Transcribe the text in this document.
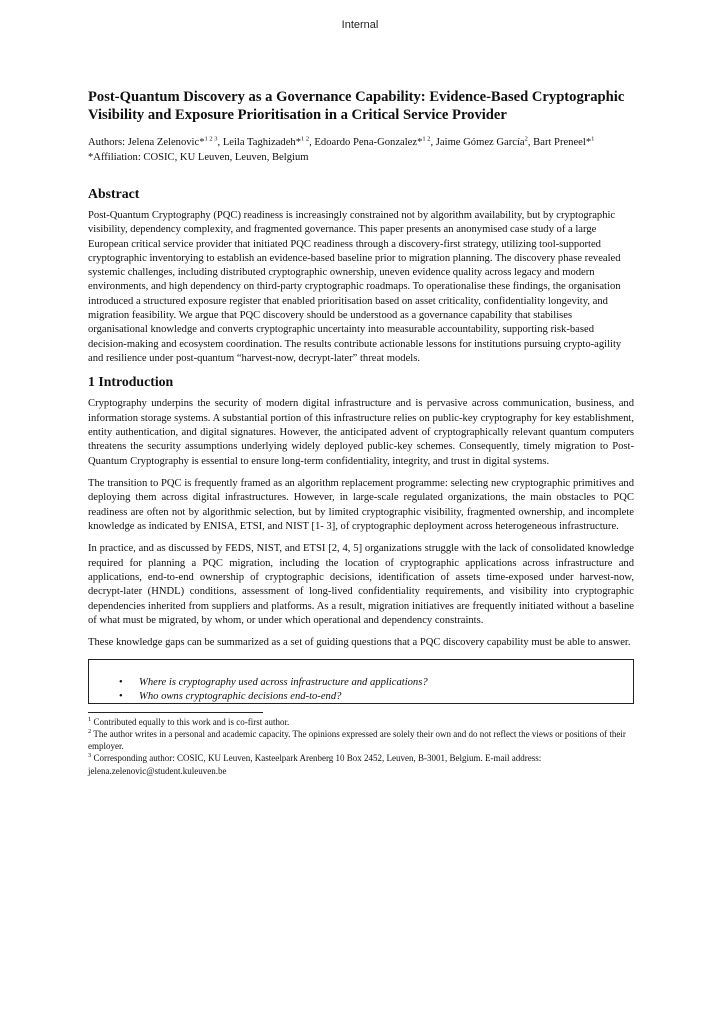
Internal
Post-Quantum Discovery as a Governance Capability: Evidence-Based Cryptographic Visibility and Exposure Prioritisation in a Critical Service Provider
Authors: Jelena Zelenovic*$^{1 2 3}$, Leila Taghizadeh*$^{1 2}$, Edoardo Pena-Gonzalez*$^{1 2}$, Jaime Gómez García$^2$, Bart Preneel*$^1$
*Affiliation: COSIC, KU Leuven, Leuven, Belgium
Abstract

Post-Quantum Cryptography (PQC) readiness is increasingly constrained not by algorithm availability, but by cryptographic visibility, dependency complexity, and fragmented governance. This paper presents an anonymised case study of a large European critical service provider that initiated PQC readiness through a discovery-first strategy, utilizing tool-supported cryptographic inventorying to establish an evidence-based baseline prior to migration planning. The discovery phase revealed systemic challenges, including distributed cryptographic ownership, uneven evidence quality across legacy and modern environments, and high dependency on third-party cryptographic roadmaps. To operationalise these findings, the organisation introduced a structured exposure register that enabled prioritisation based on asset criticality, confidentiality longevity, and migration feasibility. We argue that PQC discovery should be understood as a governance capability that stabilises organisational knowledge and converts cryptographic uncertainty into measurable accountability, supporting risk-based decision-making and ecosystem coordination. The results contribute actionable lessons for institutions pursuing crypto-agility and resilience under post-quantum “harvest-now, decrypt-later” threat models.

1 Introduction

Cryptography underpins the security of modern digital infrastructure and is pervasive across communication, business, and information storage systems. A substantial portion of this infrastructure relies on public-key cryptography for key establishment, entity authentication, and digital signatures. However, the anticipated advent of cryptographically relevant quantum computers threatens the security assumptions underlying widely deployed public-key schemes. Consequently, timely migration to Post-Quantum Cryptography is essential to ensure long-term confidentiality, integrity, and trust in digital systems.

The transition to PQC is frequently framed as an algorithm replacement programme: selecting new cryptographic primitives and deploying them across digital infrastructures. However, in large-scale regulated organizations, the main obstacles to PQC readiness are often not by algorithmic selection, but by limited cryptographic visibility, fragmented ownership, and incomplete knowledge as indicated by ENISA, ETSI, and NIST [1- 3], of cryptographic deployment across heterogeneous infrastructure.

In practice, and as discussed by FEDS, NIST, and ETSI [2, 4, 5] organizations struggle with the lack of consolidated knowledge required for planning a PQC migration, including the location of cryptographic applications across infrastructure and applications, end-to-end ownership of cryptographic decisions, identification of assets time-exposed under harvest-now, decrypt-later (HNDL) conditions, assessment of long-lived confidentiality requirements, and visibility into cryptographic dependencies inherited from suppliers and platforms. As a result, migration initiatives are frequently initiated without a baseline of what must be migrated, by whom, or under which operational and dependency constraints.

These knowledge gaps can be summarized as a set of guiding questions that a PQC discovery capability must be able to answer.

• Where is cryptography used across infrastructure and applications?
• Who owns cryptographic decisions end-to-end?

$^1$ Contributed equally to this work and is co-first author.

$^2$ The author writes in a personal and academic capacity. The opinions expressed are solely their own and do not reflect the views or positions of their employer.

$^3$ Corresponding author: COSIC, KU Leuven, Kasteelpark Arenberg 10 Box 2452, Leuven, B-3001, Belgium. E-mail address: jelena.zelenovic@student.kuleuven.be
